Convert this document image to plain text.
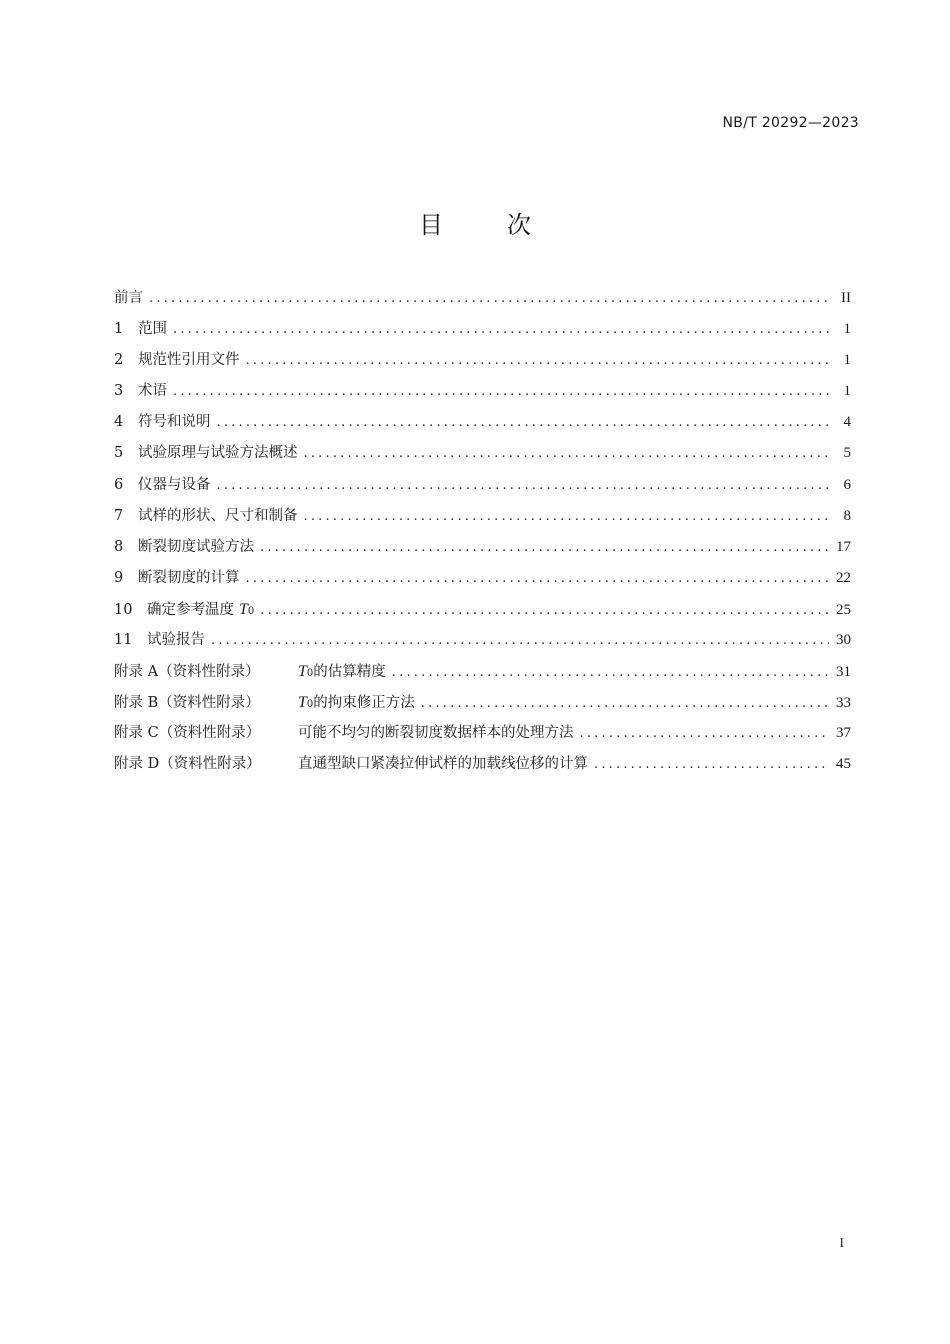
NB/T 20292—2023
目　次
前言 .....	II
1	范围 .....	1
2	规范性引用文件 .....	1
3	术语 .....	1
4	符号和说明 .....	4
5	试验原理与试验方法概述 .....	5
6	仪器与设备 .....	6
7	试样的形状、尺寸和制备 .....	8
8	断裂韧度试验方法 .....	17
9	断裂韧度的计算 .....	22
10	确定参考温度 T 0 .....	25
11	试验报告 .....	30
附录 A（资料性附录）	T 0 的估算精度 .....	31
附录 B（资料性附录）	T 0 的拘束修正方法 .....	33
附录 C（资料性附录）	可能不均匀的断裂韧度数据样本的处理方法 .....	37
附录 D（资料性附录）	直通型缺口紧凑拉伸试样的加载线位移的计算 .....	45
I
